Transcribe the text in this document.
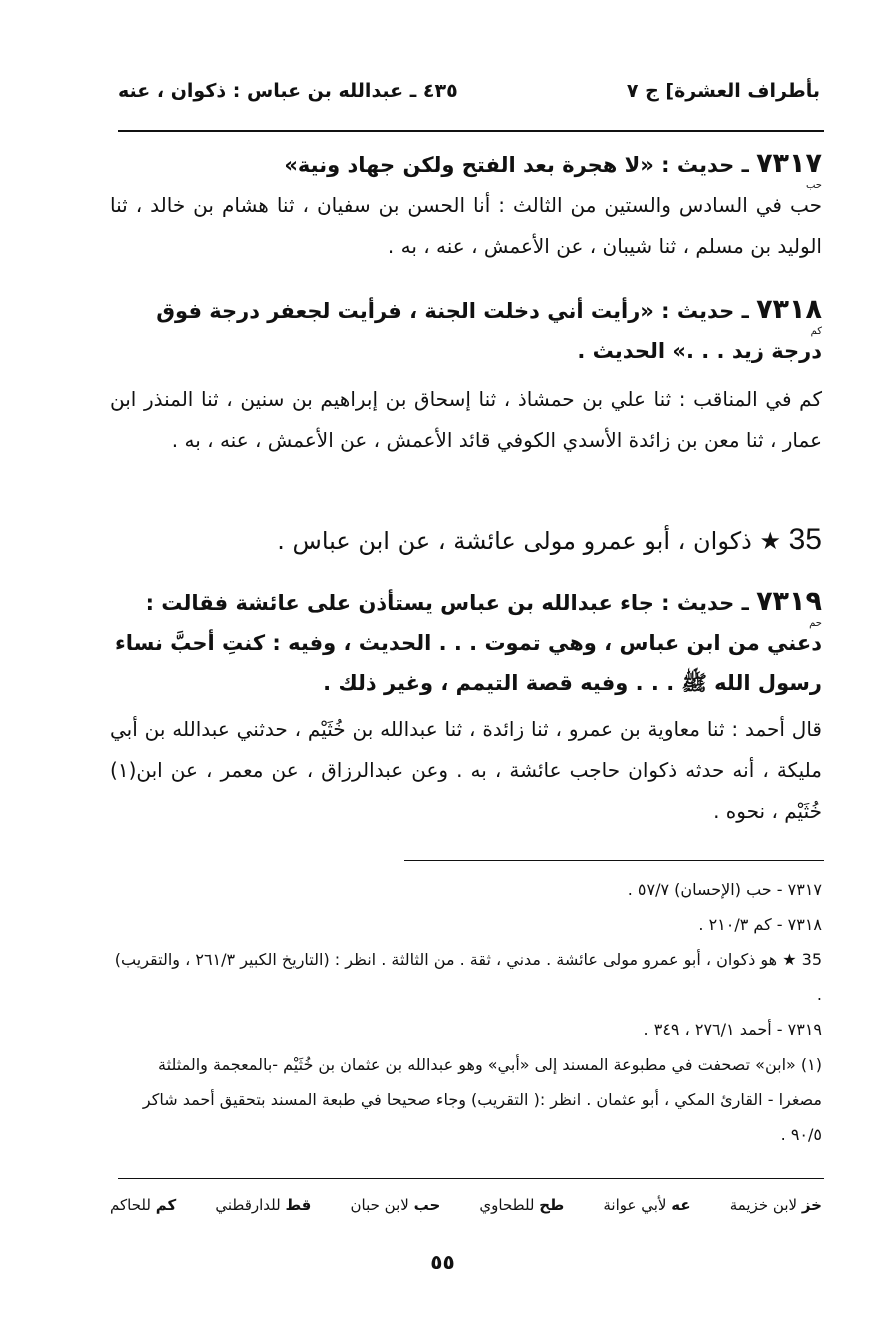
بأطراف العشرة] ج ٧
٤٣٥ ـ عبدالله بن عباس : ذكوان ، عنه
٧٣١٧ ـ حديث : «لا هجرة بعد الفتح ولكن جهاد ونية»
حب
حب في السادس والستين من الثالث : أنا الحسن بن سفيان ، ثنا هشام بن خالد ، ثنا الوليد بن مسلم ، ثنا شيبان ، عن الأعمش ، عنه ، به .
٧٣١٨ ـ حديث : «رأيت أني دخلت الجنة ، فرأيت لجعفر درجة فوق درجة زيد . . .» الحديث .
كم
كم في المناقب : ثنا علي بن حمشاذ ، ثنا إسحاق بن إبراهيم بن سنين ، ثنا المنذر ابن عمار ، ثنا معن بن زائدة الأسدي الكوفي قائد الأعمش ، عن الأعمش ، عنه ، به .
35 ★ ذكوان ، أبو عمرو مولى عائشة ، عن ابن عباس .
٧٣١٩ ـ حديث : جاء عبدالله بن عباس يستأذن على عائشة فقالت : دعني من ابن عباس ، وهي تموت . . . الحديث ، وفيه : كنتِ أحبَّ نساء رسول الله ﷺ . . . وفيه قصة التيمم ، وغير ذلك .
حم
قال أحمد : ثنا معاوية بن عمرو ، ثنا زائدة ، ثنا عبدالله بن خُثَيْم ، حدثني عبدالله بن أبي مليكة ، أنه حدثه ذكوان حاجب عائشة ، به . وعن عبدالرزاق ، عن معمر ، عن ابن(١) خُثَيْم ، نحوه .
٧٣١٧ - حب (الإحسان) ٥٧/٧ .
٧٣١٨ - كم ٢١٠/٣ .
35 ★ هو ذكوان ، أبو عمرو مولى عائشة . مدني ، ثقة . من الثالثة . انظر : (التاريخ الكبير ٢٦١/٣ ، والتقريب) .
٧٣١٩ - أحمد ٢٧٦/١ ، ٣٤٩ .
(١) «ابن» تصحفت في مطبوعة المسند إلى «أبي» وهو عبدالله بن عثمان بن خُثَيْم -بالمعجمة والمثلثة مصغرا - القارئ المكي ، أبو عثمان . انظر :( التقريب) وجاء صحيحا في طبعة المسند بتحقيق أحمد شاكر ٩٠/٥ .
خز لابن خزيمة
عه لأبي عوانة
طح للطحاوي
حب لابن حبان
قط للدارقطني
كم للحاكم
٥٥
